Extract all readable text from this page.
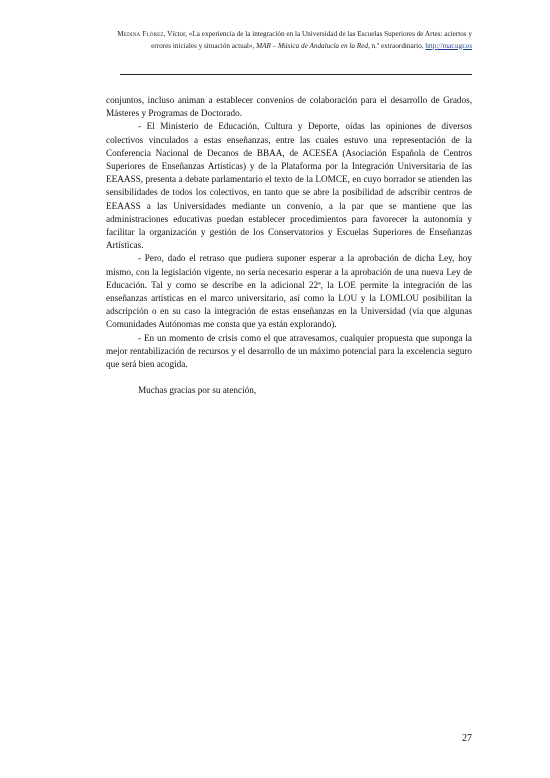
Medina Flórez, Víctor, «La experiencia de la integración en la Universidad de las Escuelas Superiores de Artes: aciertos y errores iniciales y situación actual», MAR – Música de Andalucía en la Red, n.º extraordinario, http://mar.ugr.es

conjuntos, incluso animan a establecer convenios de colaboración para el desarrollo de Grados, Másteres y Programas de Doctorado.

- El Ministerio de Educación, Cultura y Deporte, oídas las opiniones de diversos colectivos vinculados a estas enseñanzas, entre las cuales estuvo una representación de la Conferencia Nacional de Decanos de BBAA, de ACESEA (Asociación Española de Centros Superiores de Enseñanzas Artísticas) y de la Plataforma por la Integración Universitaria de las EEAASS, presenta a debate parlamentario el texto de la LOMCE, en cuyo borrador se atienden las sensibilidades de todos los colectivos, en tanto que se abre la posibilidad de adscribir centros de EEAASS a las Universidades mediante un convenio, a la par que se mantiene que las administraciones educativas puedan establecer procedimientos para favorecer la autonomía y facilitar la organización y gestión de los Conservatorios y Escuelas Superiores de Enseñanzas Artísticas.

- Pero, dado el retraso que pudiera suponer esperar a la aprobación de dicha Ley, hoy mismo, con la legislación vigente, no sería necesario esperar a la aprobación de una nueva Ley de Educación. Tal y como se describe en la adicional 22ª, la LOE permite la integración de las enseñanzas artísticas en el marco universitario, así como la LOU y la LOMLOU posibilitan la adscripción o en su caso la integración de estas enseñanzas en la Universidad (vía que algunas Comunidades Autónomas me consta que ya están explorando).

- En un momento de crisis como el que atravesamos, cualquier propuesta que suponga la mejor rentabilización de recursos y el desarrollo de un máximo potencial para la excelencia seguro que será bien acogida.

Muchas gracias por su atención,

27
